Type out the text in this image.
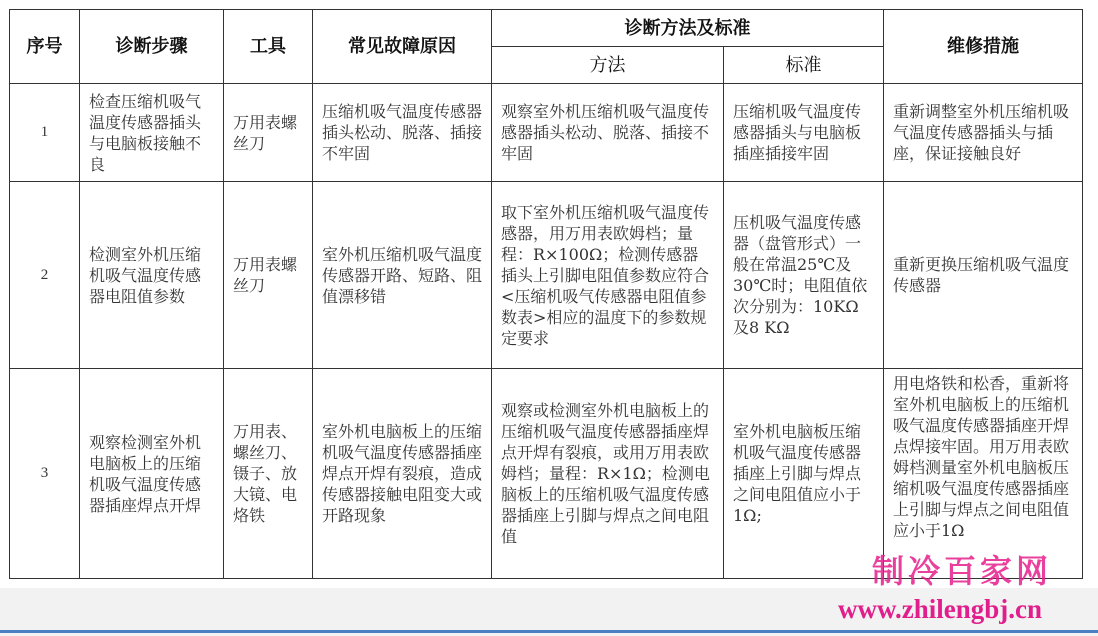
序号	诊断步骤	工具	常见故障原因	诊断方法及标准		维修措施
				方法	标准	
1	检查压缩机吸气温度传感器插头与电脑板接触不良	万用表螺丝刀	压缩机吸气温度传感器插头松动、脱落、插接不牢固	观察室外机压缩机吸气温度传感器插头松动、脱落、插接不牢固	压缩机吸气温度传感器插头与电脑板插座插接牢固	重新调整室外机压缩机吸气温度传感器插头与插座，保证接触良好
2	检测室外机压缩机吸气温度传感器电阻值参数	万用表螺丝刀	室外机压缩机吸气温度传感器开路、短路、阻值漂移错	取下室外机压缩机吸气温度传感器，用万用表欧姆档；量程：R×100Ω；检测传感器插头上引脚电阻值参数应符合<压缩机吸气传感器电阻值参数表>相应的温度下的参数规定要求	压机吸气温度传感器（盘管形式）一般在常温25℃及30℃时；电阻值依次分别为：10KΩ及8 KΩ	重新更换压缩机吸气温度传感器
3	观察检测室外机电脑板上的压缩机吸气温度传感器插座焊点开焊	万用表、螺丝刀、镊子、放大镜、电烙铁	室外机电脑板上的压缩机吸气温度传感器插座焊点开焊有裂痕，造成传感器接触电阻变大或开路现象	观察或检测室外机电脑板上的压缩机吸气温度传感器插座焊点开焊有裂痕，或用万用表欧姆档；量程：R×1Ω；检测电脑板上的压缩机吸气温度传感器插座上引脚与焊点之间电阻值	室外机电脑板压缩机吸气温度传感器插座上引脚与焊点之间电阻值应小于1Ω;	用电烙铁和松香，重新将室外机电脑板上的压缩机吸气温度传感器插座开焊点焊接牢固。用万用表欧姆档测量室外机电脑板压缩机吸气温度传感器插座上引脚与焊点之间电阻值应小于1Ω
制冷百家网
www.zhilengbj.cn
